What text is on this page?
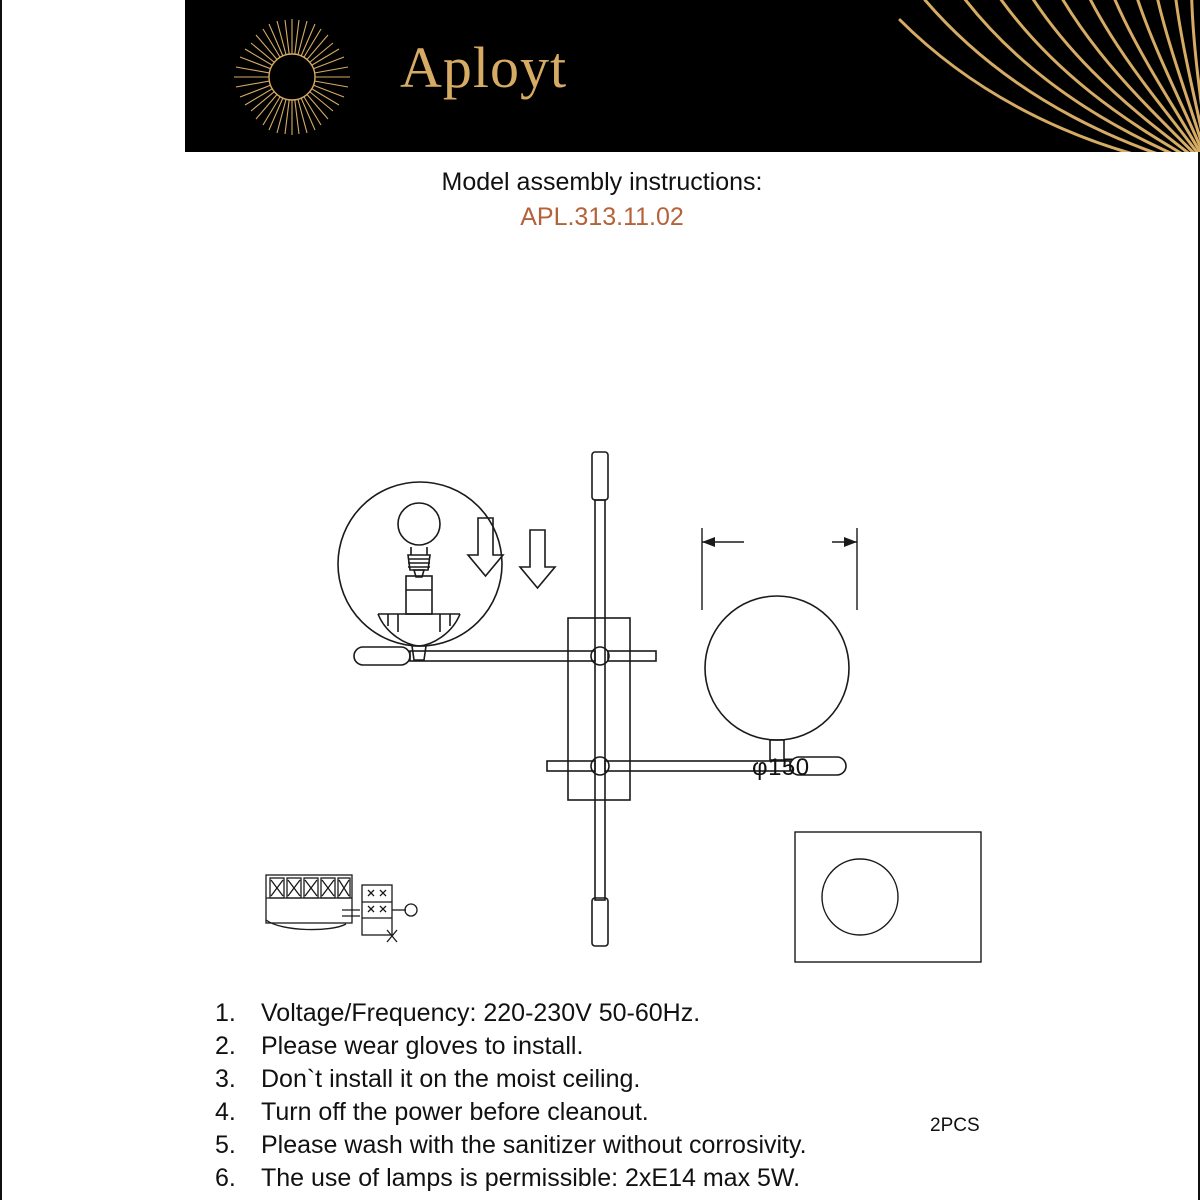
Aployt
Model assembly instructions:
APL.313.11.02
φ150
2PCS
1.	Voltage/Frequency: 220-230V 50-60Hz.
2.	Please wear gloves to install.
3.	Don`t install it on the moist ceiling.
4.	Turn off the power before cleanout.
5.	Please wash with the sanitizer without corrosivity.
6.	The use of lamps is permissible: 2xE14 max 5W.
